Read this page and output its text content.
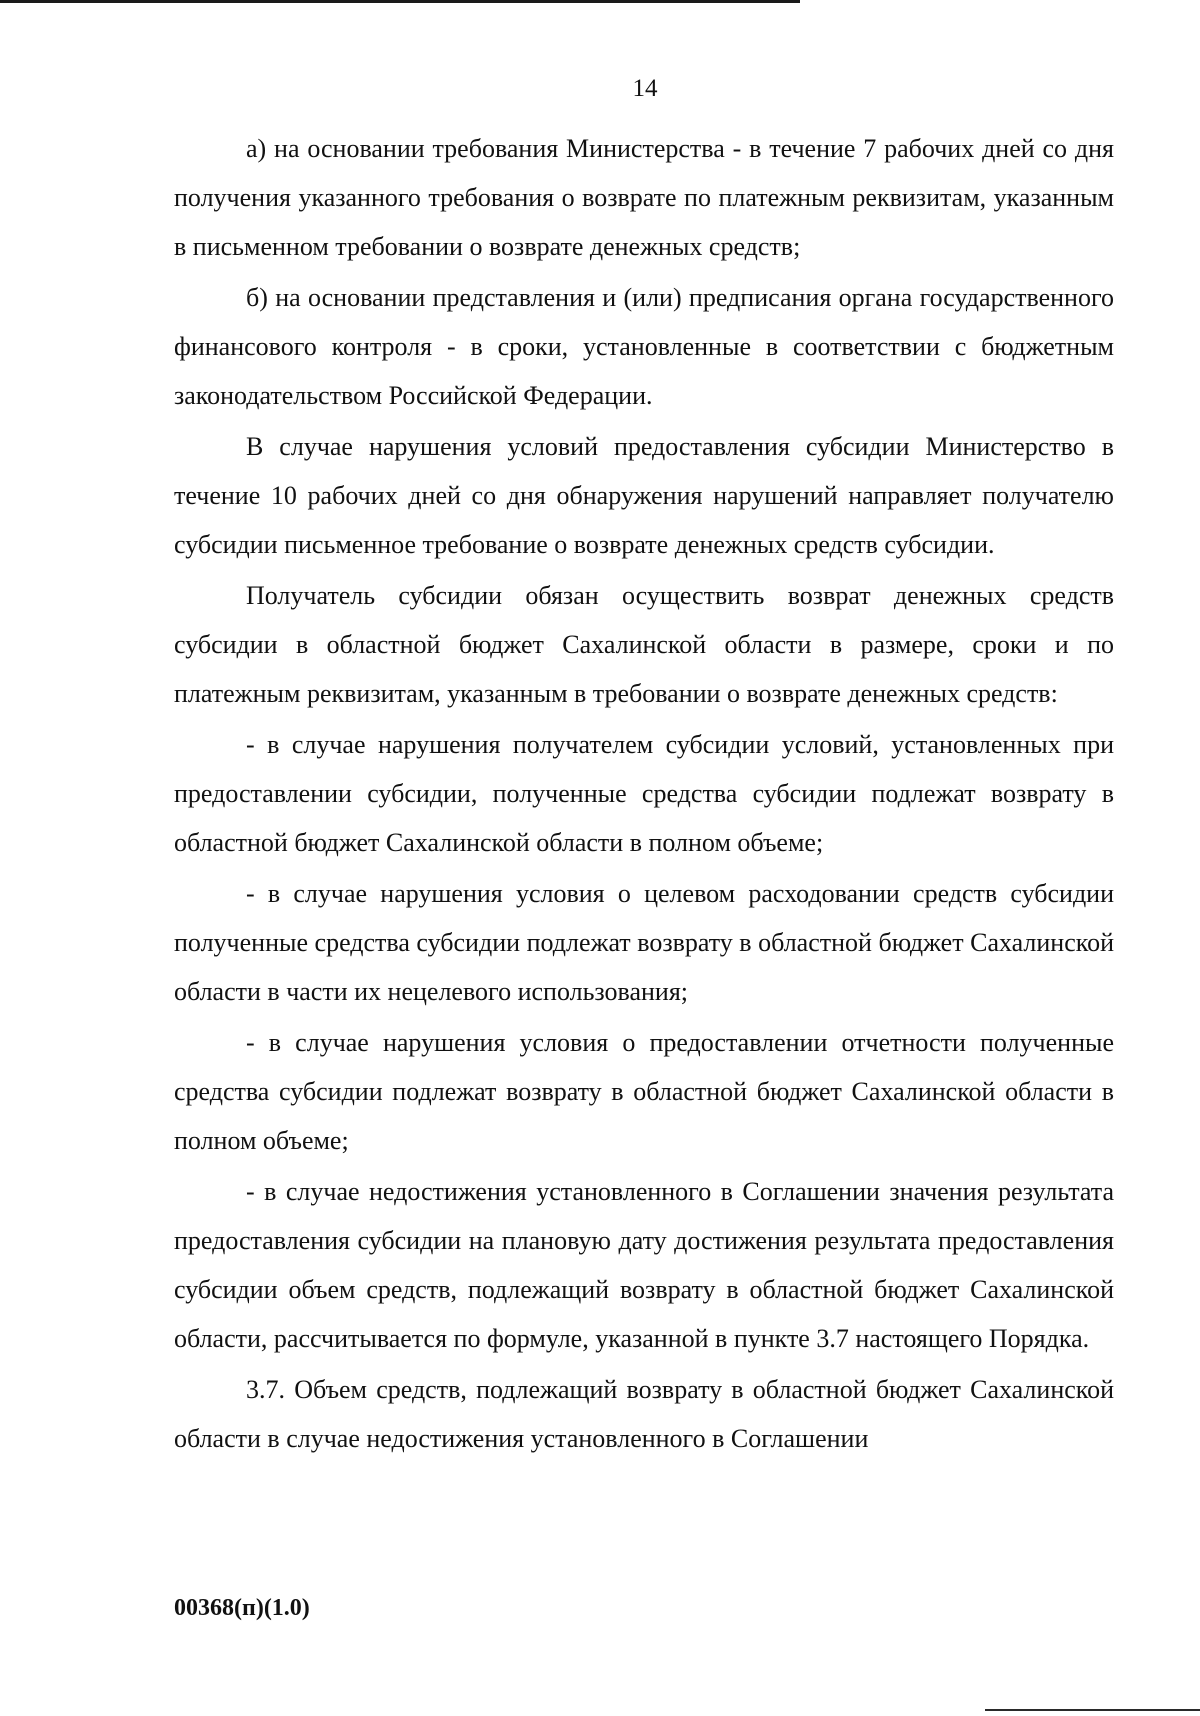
14

а) на основании требования Министерства - в течение 7 рабочих дней со дня получения указанного требования о возврате по платежным реквизитам, указанным в письменном требовании о возврате денежных средств;

б) на основании представления и (или) предписания органа государственного финансового контроля - в сроки, установленные в соответствии с бюджетным законодательством Российской Федерации.

В случае нарушения условий предоставления субсидии Министерство в течение 10 рабочих дней со дня обнаружения нарушений направляет получателю субсидии письменное требование о возврате денежных средств субсидии.

Получатель субсидии обязан осуществить возврат денежных средств субсидии в областной бюджет Сахалинской области в размере, сроки и по платежным реквизитам, указанным в требовании о возврате денежных средств:

- в случае нарушения получателем субсидии условий, установленных при предоставлении субсидии, полученные средства субсидии подлежат возврату в областной бюджет Сахалинской области в полном объеме;

- в случае нарушения условия о целевом расходовании средств субсидии полученные средства субсидии подлежат возврату в областной бюджет Сахалинской области в части их нецелевого использования;

- в случае нарушения условия о предоставлении отчетности полученные средства субсидии подлежат возврату в областной бюджет Сахалинской области в полном объеме;

- в случае недостижения установленного в Соглашении значения результата предоставления субсидии на плановую дату достижения результата предоставления субсидии объем средств, подлежащий возврату в областной бюджет Сахалинской области, рассчитывается по формуле, указанной в пункте 3.7 настоящего Порядка.

3.7. Объем средств, подлежащий возврату в областной бюджет Сахалинской области в случае недостижения установленного в Соглашении

00368(п)(1.0)
